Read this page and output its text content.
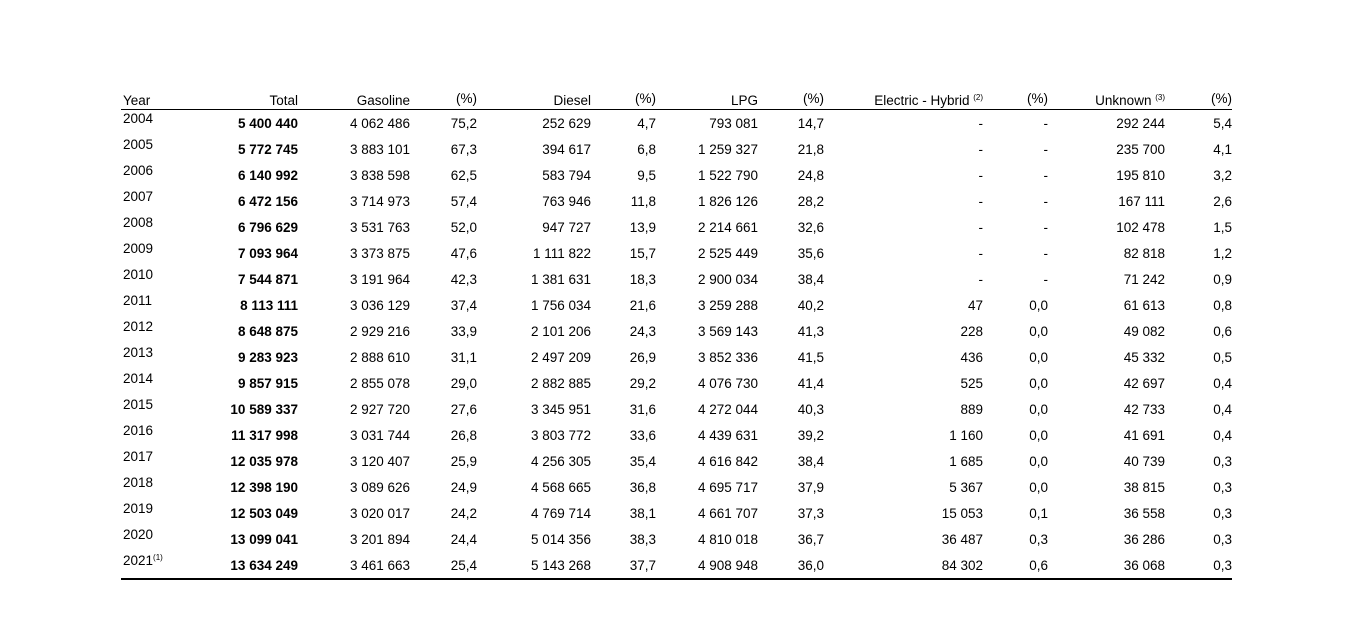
Year	Total	Gasoline	(%)	Diesel	(%)	LPG	(%)	Electric - Hybrid $^{(2)}$	(%)	Unknown $^{(3)}$	(%)
2004	5 400 440	4 062 486	75,2	252 629	4,7	793 081	14,7	-	-	292 244	5,4
2005	5 772 745	3 883 101	67,3	394 617	6,8	1 259 327	21,8	-	-	235 700	4,1
2006	6 140 992	3 838 598	62,5	583 794	9,5	1 522 790	24,8	-	-	195 810	3,2
2007	6 472 156	3 714 973	57,4	763 946	11,8	1 826 126	28,2	-	-	167 111	2,6
2008	6 796 629	3 531 763	52,0	947 727	13,9	2 214 661	32,6	-	-	102 478	1,5
2009	7 093 964	3 373 875	47,6	1 111 822	15,7	2 525 449	35,6	-	-	82 818	1,2
2010	7 544 871	3 191 964	42,3	1 381 631	18,3	2 900 034	38,4	-	-	71 242	0,9
2011	8 113 111	3 036 129	37,4	1 756 034	21,6	3 259 288	40,2	47	0,0	61 613	0,8
2012	8 648 875	2 929 216	33,9	2 101 206	24,3	3 569 143	41,3	228	0,0	49 082	0,6
2013	9 283 923	2 888 610	31,1	2 497 209	26,9	3 852 336	41,5	436	0,0	45 332	0,5
2014	9 857 915	2 855 078	29,0	2 882 885	29,2	4 076 730	41,4	525	0,0	42 697	0,4
2015	10 589 337	2 927 720	27,6	3 345 951	31,6	4 272 044	40,3	889	0,0	42 733	0,4
2016	11 317 998	3 031 744	26,8	3 803 772	33,6	4 439 631	39,2	1 160	0,0	41 691	0,4
2017	12 035 978	3 120 407	25,9	4 256 305	35,4	4 616 842	38,4	1 685	0,0	40 739	0,3
2018	12 398 190	3 089 626	24,9	4 568 665	36,8	4 695 717	37,9	5 367	0,0	38 815	0,3
2019	12 503 049	3 020 017	24,2	4 769 714	38,1	4 661 707	37,3	15 053	0,1	36 558	0,3
2020	13 099 041	3 201 894	24,4	5 014 356	38,3	4 810 018	36,7	36 487	0,3	36 286	0,3
2021$^{(1)}$	13 634 249	3 461 663	25,4	5 143 268	37,7	4 908 948	36,0	84 302	0,6	36 068	0,3
